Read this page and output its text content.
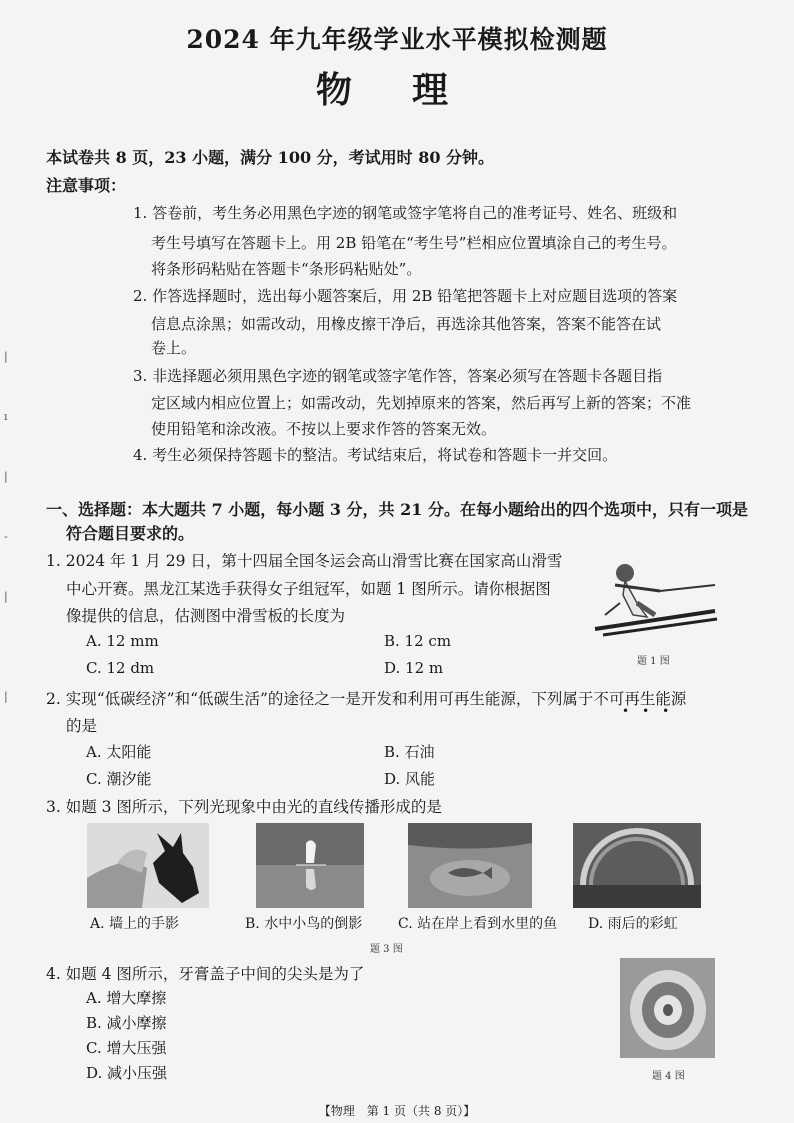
2024 年九年级学业水平模拟检测题
物理
本试卷共 8 页，23 小题，满分 100 分，考试用时 80 分钟。
注意事项：
1. 答卷前，考生务必用黑色字迹的钢笔或签字笔将自己的准考证号、姓名、班级和
考生号填写在答题卡上。用 2B 铅笔在“考生号”栏相应位置填涂自己的考生号。
将条形码粘贴在答题卡“条形码粘贴处”。
2. 作答选择题时，选出每小题答案后，用 2B 铅笔把答题卡上对应题目选项的答案
信息点涂黑；如需改动，用橡皮擦干净后，再选涂其他答案，答案不能答在试
卷上。
3. 非选择题必须用黑色字迹的钢笔或签字笔作答，答案必须写在答题卡各题目指
定区域内相应位置上；如需改动，先划掉原来的答案，然后再写上新的答案；不准
使用铅笔和涂改液。不按以上要求作答的答案无效。
4. 考生必须保持答题卡的整洁。考试结束后，将试卷和答题卡一并交回。
一、选择题：本大题共 7 小题，每小题 3 分，共 21 分。在每小题给出的四个选项中，只有一项是
符合题目要求的。
1. 2024 年 1 月 29 日，第十四届全国冬运会高山滑雪比赛在国家高山滑雪
中心开赛。黑龙江某选手获得女子组冠军，如题 1 图所示。请你根据图
像提供的信息，估测图中滑雪板的长度为
A. 12 mm	B. 12 cm
C. 12 dm	D. 12 m	题 1 图
2. 实现“低碳经济”和“低碳生活”的途径之一是开发和利用可再生能源，下列属于不可再生能源
•••
的是
A. 太阳能	B. 石油
C. 潮汐能	D. 风能
3. 如题 3 图所示，下列光现象中由光的直线传播形成的是
A. 墙上的手影	B. 水中小鸟的倒影	C. 站在岸上看到水里的鱼 D. 雨后的彩虹
题 3 图
4. 如题 4 图所示，牙膏盖子中间的尖头是为了
A. 增大摩擦
B. 减小摩擦
C. 增大压强
D. 减小压强	题 4 图
【物理　第 1 页（共 8 页）】
|
ı
|
-
|
|
